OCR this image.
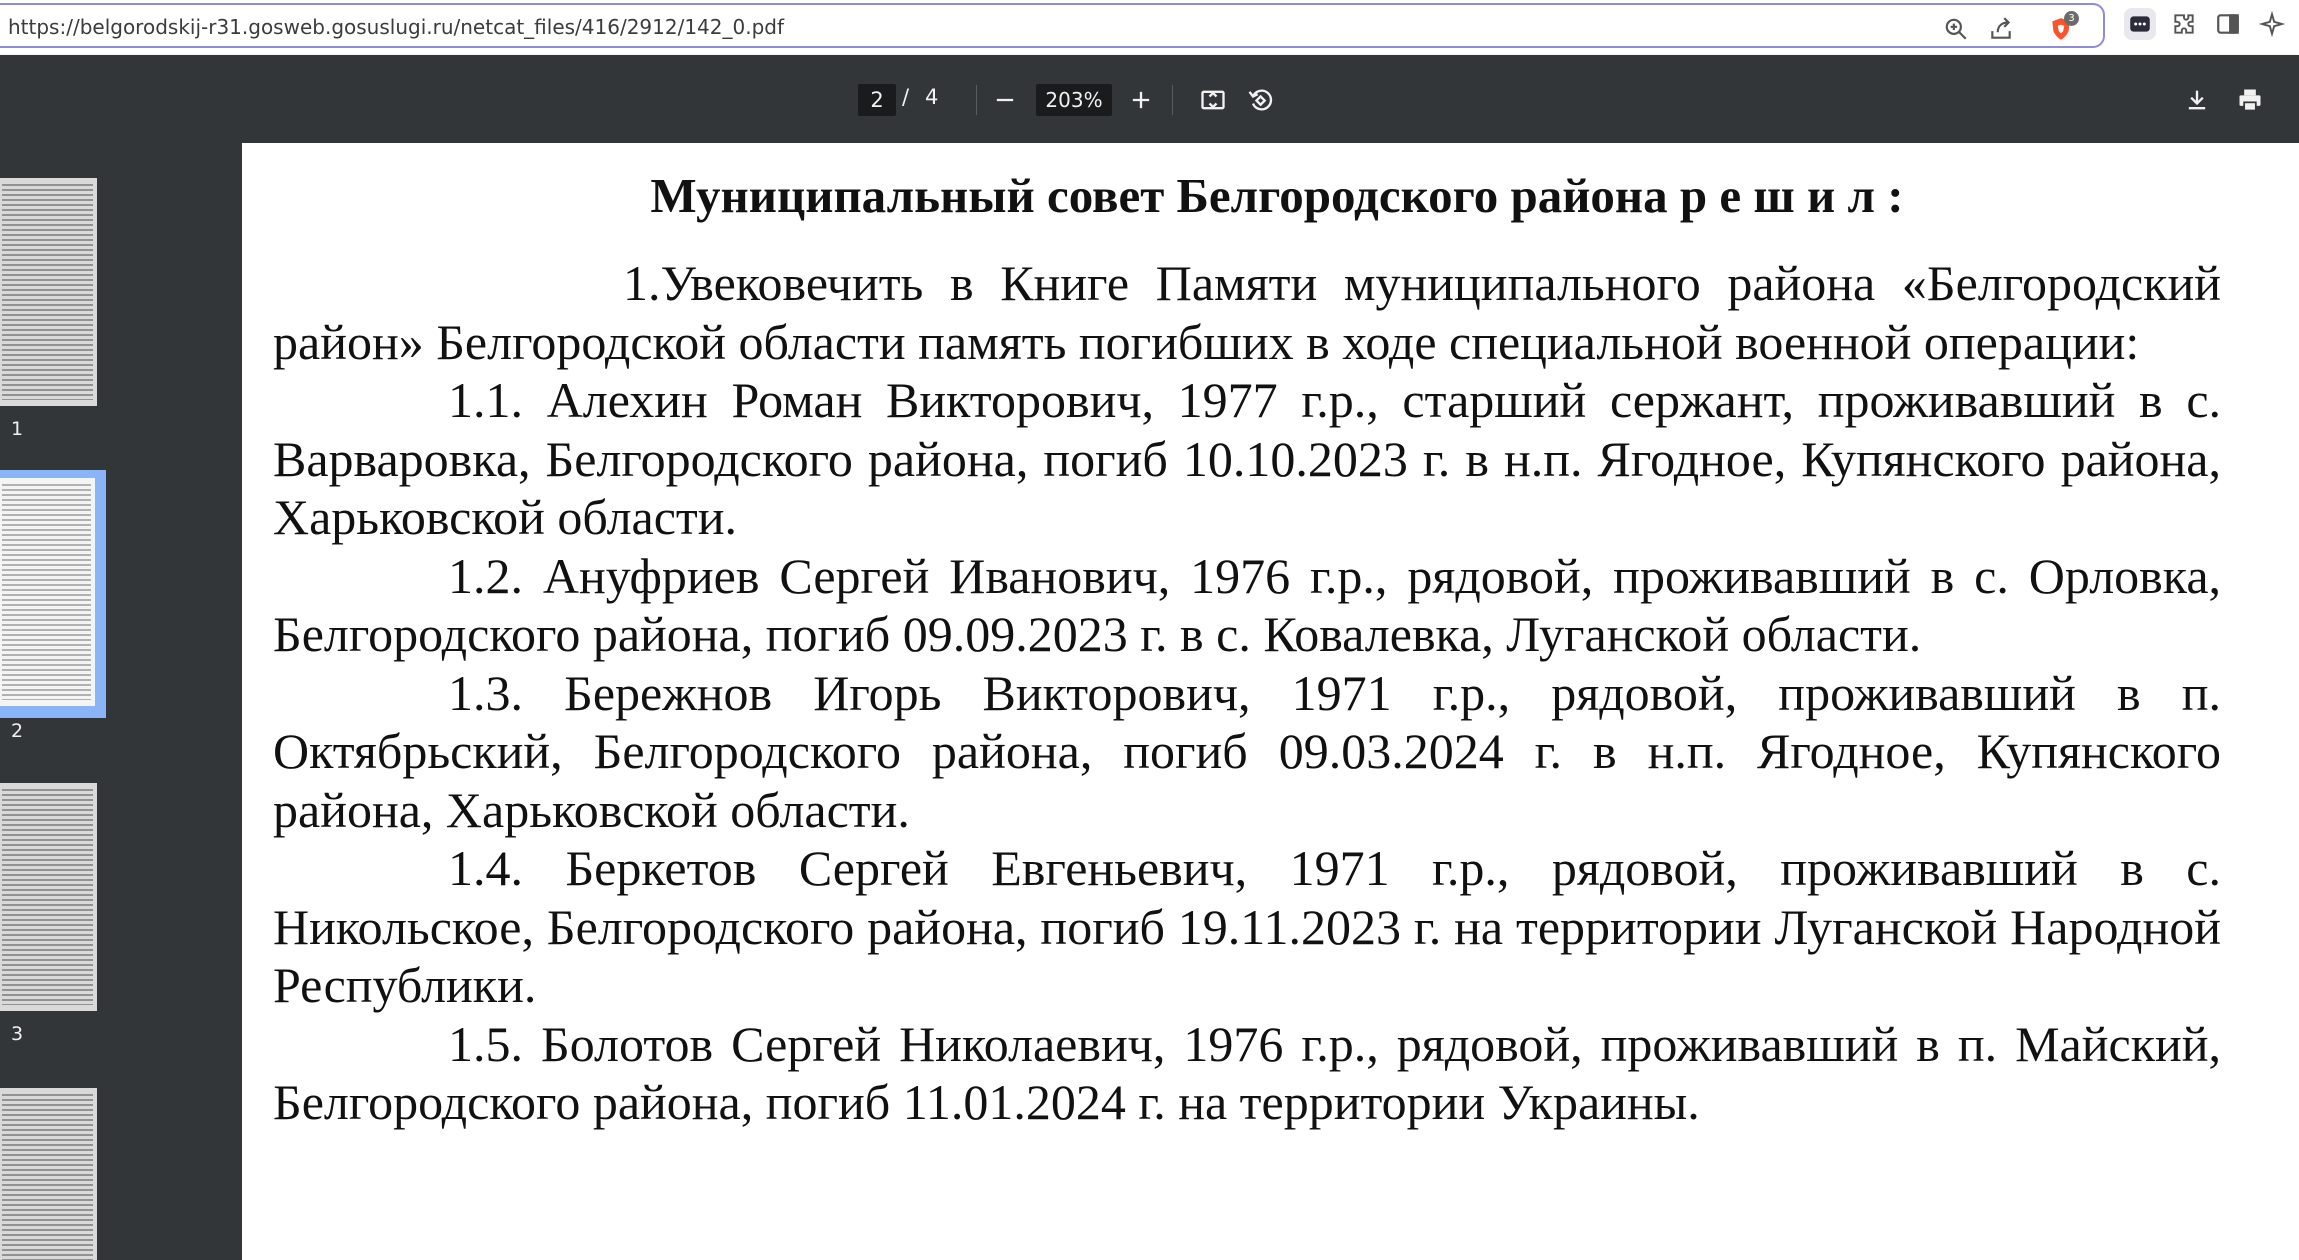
https://belgorodskij-r31.gosweb.gosuslugi.ru/netcat_files/416/2912/142_0.pdf	3
2 / 4	203%
1
2
3
Муниципальный совет Белгородского района р е ш и л :

1.Увековечить в Книге Памяти муниципального района «Белгородский район» Белгородской области память погибших в ходе специальной военной операции:

1.1. Алехин Роман Викторович, 1977 г.р., старший сержант, проживавший в с. Варваровка, Белгородского района, погиб 10.10.2023 г. в н.п. Ягодное, Купянского района, Харьковской области.

1.2. Ануфриев Сергей Иванович, 1976 г.р., рядовой, проживавший в с. Орловка, Белгородского района, погиб 09.09.2023 г. в с. Ковалевка, Луганской области.

1.3. Бережнов Игорь Викторович, 1971 г.р., рядовой, проживавший в п. Октябрьский, Белгородского района, погиб 09.03.2024 г. в н.п. Ягодное, Купянского района, Харьковской области.

1.4. Беркетов Сергей Евгеньевич, 1971 г.р., рядовой, проживавший в с. Никольское, Белгородского района, погиб 19.11.2023 г. на территории Луганской Народной Республики.

1.5. Болотов Сергей Николаевич, 1976 г.р., рядовой, проживавший в п. Майский, Белгородского района, погиб 11.01.2024 г. на территории Украины.
